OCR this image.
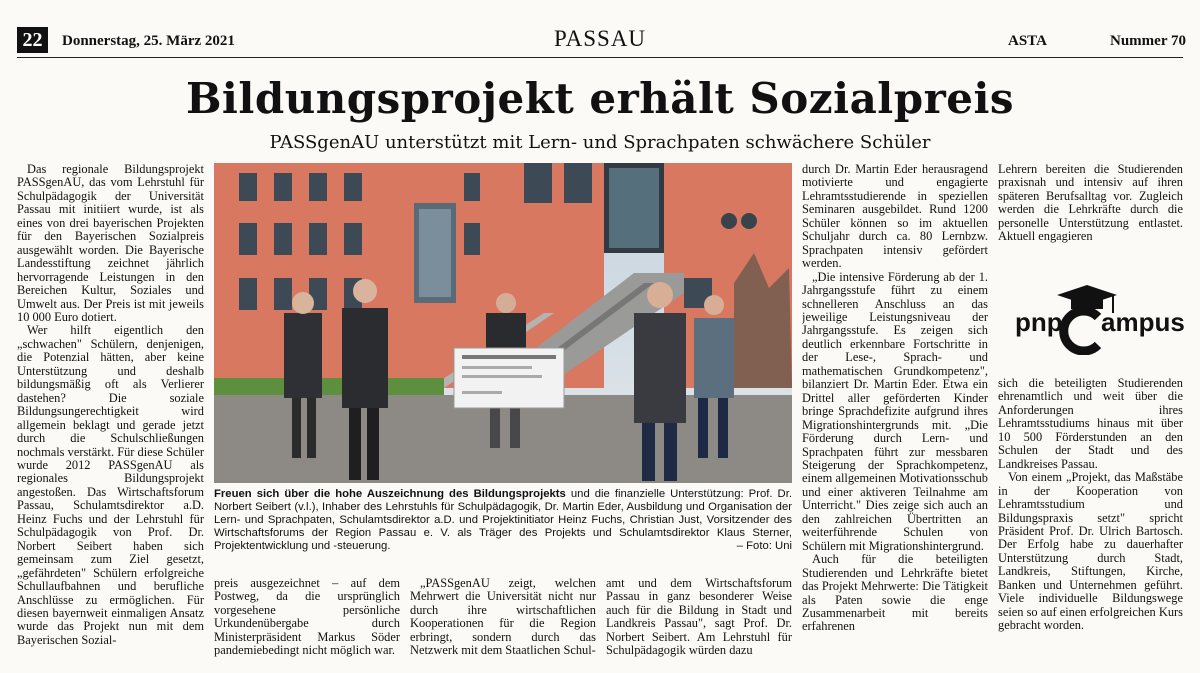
22	Donnerstag, 25. März 2021	PASSAU	ASTA	Nummer 70
Bildungsprojekt erhält Sozialpreis
PASSgenAU unterstützt mit Lern- und Sprachpaten schwächere Schüler

Das regionale Bildungsprojekt PASSgenAU, das vom Lehrstuhl für Schulpädagogik der Universität Passau mit initiiert wurde, ist als eines von drei bayerischen Projekten für den Bayerischen Sozialpreis ausgewählt worden. Die Bayerische Landesstiftung zeichnet jährlich hervorragende Leistungen in den Bereichen Kultur, Soziales und Umwelt aus. Der Preis ist mit jeweils 10 000 Euro dotiert.

Wer hilft eigentlich den „schwachen" Schülern, denjenigen, die Potenzial hätten, aber keine Unterstützung und deshalb bildungsmäßig oft als Verlierer dastehen? Die soziale Bildungsungerechtigkeit wird allgemein beklagt und gerade jetzt durch die Schulschließungen nochmals verstärkt. Für diese Schüler wurde 2012 PASSgenAU als regionales Bildungsprojekt angestoßen. Das Wirtschaftsforum Passau, Schulamtsdirektor a.D. Heinz Fuchs und der Lehrstuhl für Schulpädagogik von Prof. Dr. Norbert Seibert haben sich gemeinsam zum Ziel gesetzt, „gefährdeten" Schülern erfolgreiche Schullaufbahnen und berufliche Anschlüsse zu ermöglichen. Für diesen bayernweit einmaligen Ansatz wurde das Projekt nun mit dem Bayerischen Sozial-

Freuen sich über die hohe Auszeichnung des Bildungsprojekts und die finanzielle Unterstützung: Prof. Dr. Norbert Seibert (v.l.), Inhaber des Lehrstuhls für Schulpädagogik, Dr. Martin Eder, Ausbildung und Organisation der Lern- und Sprachpaten, Schulamtsdirektor a.D. und Projektinitiator Heinz Fuchs, Christian Just, Vorsitzender des Wirtschaftsforums der Region Passau e. V. als Träger des Projekts und Schulamtsdirektor Klaus Sterner, Projektentwicklung und -steuerung.	– Foto: Uni

preis ausgezeichnet – auf dem Postweg, da die ursprünglich vorgesehene persönliche Urkundenübergabe durch Ministerpräsident Markus Söder pandemiebedingt nicht möglich war.

„PASSgenAU zeigt, welchen Mehrwert die Universität nicht nur durch ihre wirtschaftlichen Kooperationen für die Region erbringt, sondern durch das Netzwerk mit dem Staatlichen Schul-

amt und dem Wirtschaftsforum Passau in ganz besonderer Weise auch für die Bildung in Stadt und Landkreis Passau", sagt Prof. Dr. Norbert Seibert. Am Lehrstuhl für Schulpädagogik würden dazu

durch Dr. Martin Eder herausragend motivierte und engagierte Lehramtsstudierende in speziellen Seminaren ausgebildet. Rund 1200 Schüler können so im aktuellen Schuljahr durch ca. 80 Lernbzw. Sprachpaten intensiv gefördert werden.

„Die intensive Förderung ab der 1. Jahrgangsstufe führt zu einem schnelleren Anschluss an das jeweilige Leistungsniveau der Jahrgangsstufe. Es zeigen sich deutlich erkennbare Fortschritte in der Lese-, Sprach- und mathematischen Grundkompetenz", bilanziert Dr. Martin Eder. Etwa ein Drittel aller geförderten Kinder bringe Sprachdefizite aufgrund ihres Migrationshintergrunds mit. „Die Förderung durch Lern- und Sprachpaten führt zur messbaren Steigerung der Sprachkompetenz, einem allgemeinen Motivationsschub und einer aktiveren Teilnahme am Unterricht." Dies zeige sich auch an den zahlreichen Übertritten an weiterführende Schulen von Schülern mit Migrationshintergrund.

Auch für die beteiligten Studierenden und Lehrkräfte bietet das Projekt Mehrwerte: Die Tätigkeit als Paten sowie die enge Zusammenarbeit mit bereits erfahrenen

Lehrern bereiten die Studierenden praxisnah und intensiv auf ihren späteren Berufsalltag vor. Zugleich werden die Lehrkräfte durch die personelle Unterstützung entlastet. Aktuell engagieren

pnp ampus

sich die beteiligten Studierenden ehrenamtlich und weit über die Anforderungen ihres Lehramtsstudiums hinaus mit über 10 500 Förderstunden an den Schulen der Stadt und des Landkreises Passau.

Von einem „Projekt, das Maßstäbe in der Kooperation von Lehramtsstudium und Bildungspraxis setzt" spricht Präsident Prof. Dr. Ulrich Bartosch. Der Erfolg habe zu dauerhafter Unterstützung durch Stadt, Landkreis, Stiftungen, Kirche, Banken und Unternehmen geführt. Viele individuelle Bildungswege seien so auf einen erfolgreichen Kurs gebracht worden.
